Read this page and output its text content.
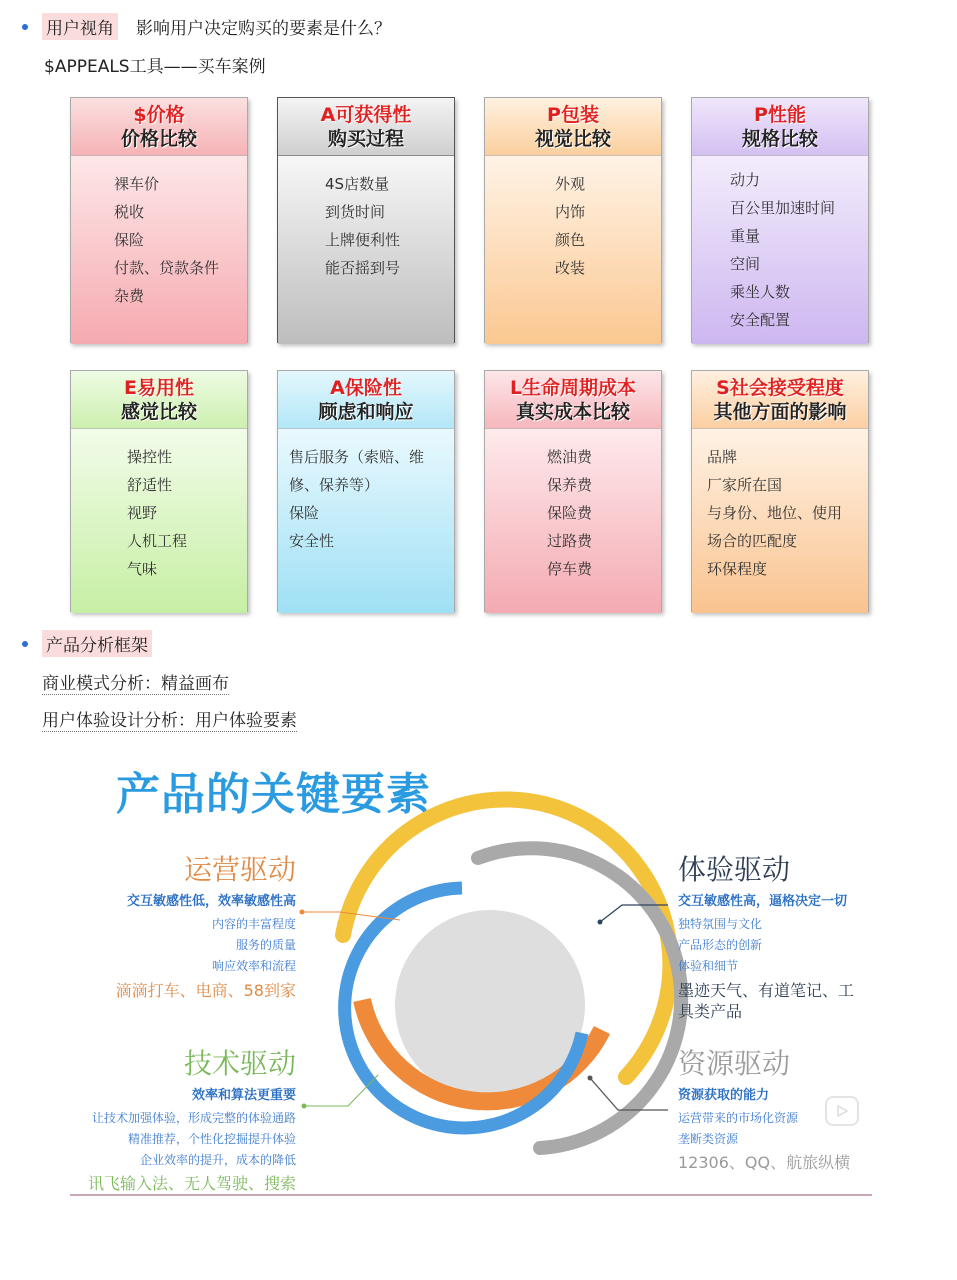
用户视角 影响用户决定购买的要素是什么？
$APPEALS工具——买车案例
$价格
价格比较
裸车价
税收
保险
付款、贷款条件
杂费
A可获得性
购买过程
4S店数量
到货时间
上牌便利性
能否摇到号
P包装
视觉比较
外观
内饰
颜色
改装
P性能
规格比较
动力
百公里加速时间
重量
空间
乘坐人数
安全配置
E易用性
感觉比较
操控性
舒适性
视野
人机工程
气味
A保险性
顾虑和响应
售后服务（索赔、维
修、保养等）
保险
安全性
L生命周期成本
真实成本比较
燃油费
保养费
保险费
过路费
停车费
S社会接受程度
其他方面的影响
品牌
厂家所在国
与身份、地位、使用
场合的匹配度
环保程度
产品分析框架
商业模式分析：精益画布
用户体验设计分析：用户体验要素
产品的关键要素
运营驱动
交互敏感性低，效率敏感性高
内容的丰富程度
服务的质量
响应效率和流程
滴滴打车、电商、58到家
体验驱动
交互敏感性高，逼格决定一切
独特氛围与文化
产品形态的创新
体验和细节
墨迹天气、有道笔记、工
具类产品
技术驱动
效率和算法更重要
让技术加强体验，形成完整的体验通路
精准推荐，个性化挖掘提升体验
企业效率的提升，成本的降低
讯飞输入法、无人驾驶、搜索
资源驱动
资源获取的能力
运营带来的市场化资源
垄断类资源
12306、QQ、航旅纵横
